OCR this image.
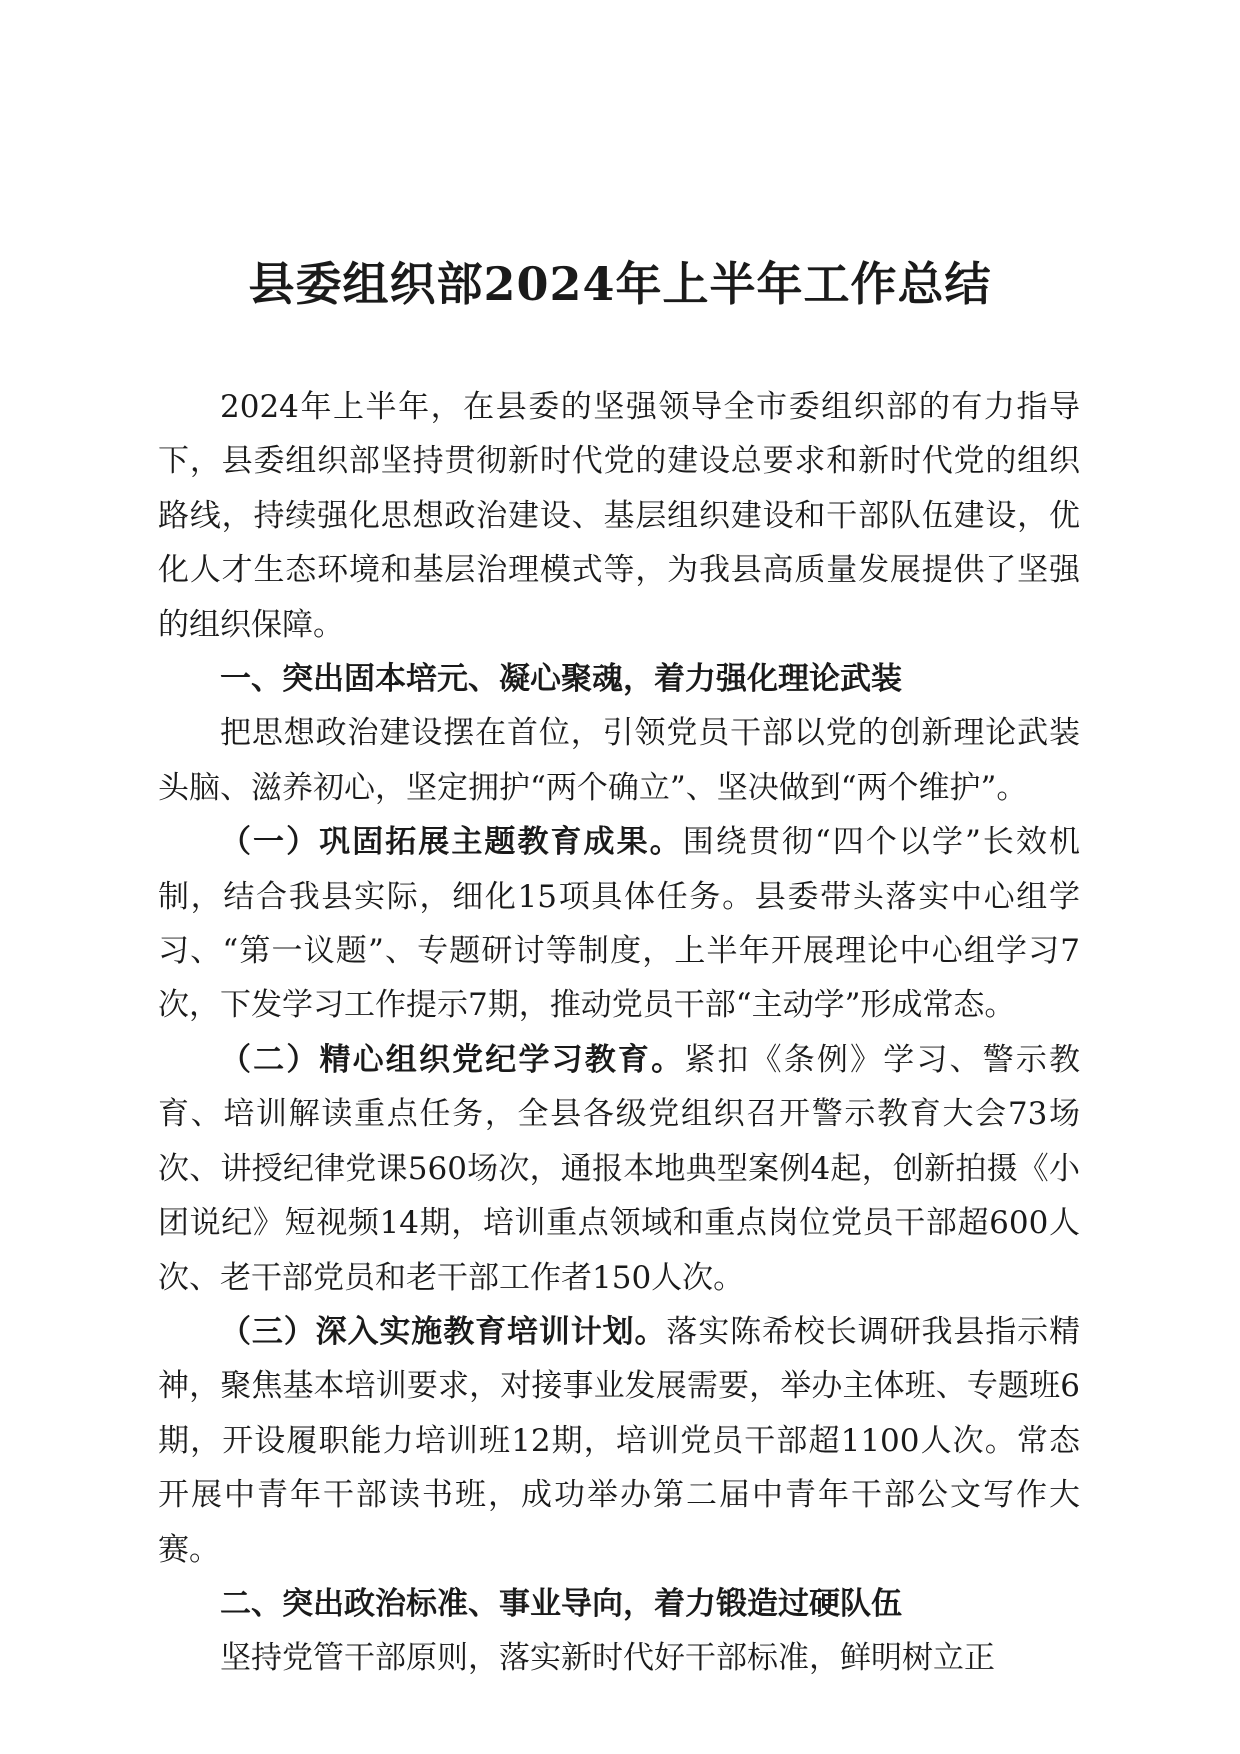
县委组织部2024年上半年工作总结

2024年上半年，在县委的坚强领导全市委组织部的有力指导下，县委组织部坚持贯彻新时代党的建设总要求和新时代党的组织路线，持续强化思想政治建设、基层组织建设和干部队伍建设，优化人才生态环境和基层治理模式等，为我县高质量发展提供了坚强的组织保障。

一、突出固本培元、凝心聚魂，着力强化理论武装

把思想政治建设摆在首位，引领党员干部以党的创新理论武装头脑、滋养初心，坚定拥护“两个确立”、坚决做到“两个维护”。

（一）巩固拓展主题教育成果。围绕贯彻“四个以学”长效机制，结合我县实际，细化15项具体任务。县委带头落实中心组学习、“第一议题”、专题研讨等制度，上半年开展理论中心组学习7次，下发学习工作提示7期，推动党员干部“主动学”形成常态。

（二）精心组织党纪学习教育。紧扣《条例》学习、警示教育、培训解读重点任务，全县各级党组织召开警示教育大会73场次、讲授纪律党课560场次，通报本地典型案例4起，创新拍摄《小团说纪》短视频14期，培训重点领域和重点岗位党员干部超600人次、老干部党员和老干部工作者150人次。

（三）深入实施教育培训计划。落实陈希校长调研我县指示精神，聚焦基本培训要求，对接事业发展需要，举办主体班、专题班6期，开设履职能力培训班12期，培训党员干部超1100人次。常态开展中青年干部读书班，成功举办第二届中青年干部公文写作大赛。

二、突出政治标准、事业导向，着力锻造过硬队伍

坚持党管干部原则，落实新时代好干部标准，鲜明树立正
